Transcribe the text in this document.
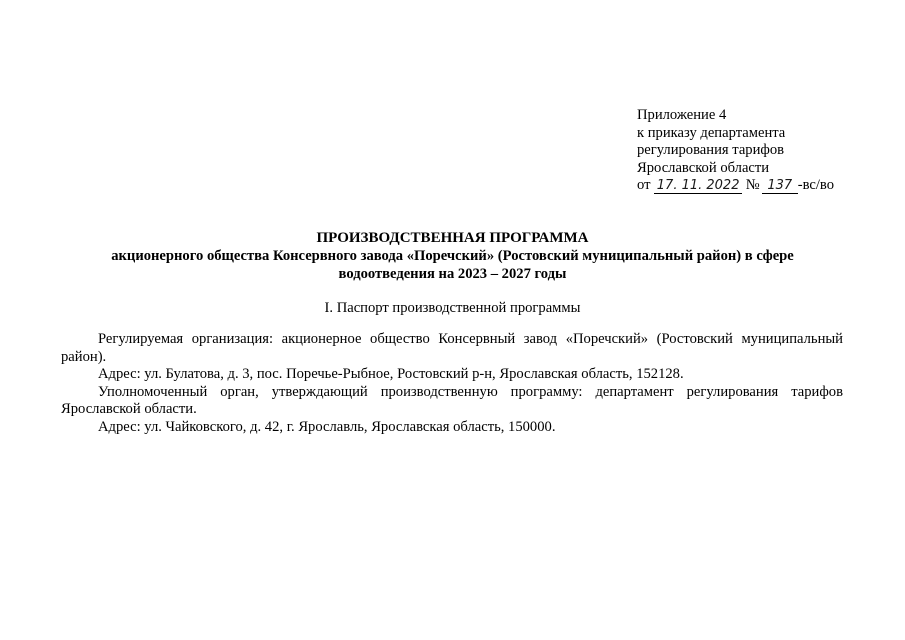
Приложение 4
к приказу департамента
регулирования тарифов
Ярославской области
от 17. 11. 2022 № 137 -вс/во
ПРОИЗВОДСТВЕННАЯ ПРОГРАММА
акционерного общества Консервного завода «Поречский» (Ростовский муниципальный район) в сфере
водоотведения на 2023 – 2027 годы
I. Паспорт производственной программы

Регулируемая организация: акционерное общество Консервный завод «Поречский» (Ростовский муниципальный район).

Адрес: ул. Булатова, д. 3, пос. Поречье-Рыбное, Ростовский р-н, Ярославская область, 152128.

Уполномоченный орган, утверждающий производственную программу: департамент регулирования тарифов Ярославской области.

Адрес: ул. Чайковского, д. 42, г. Ярославль, Ярославская область, 150000.
